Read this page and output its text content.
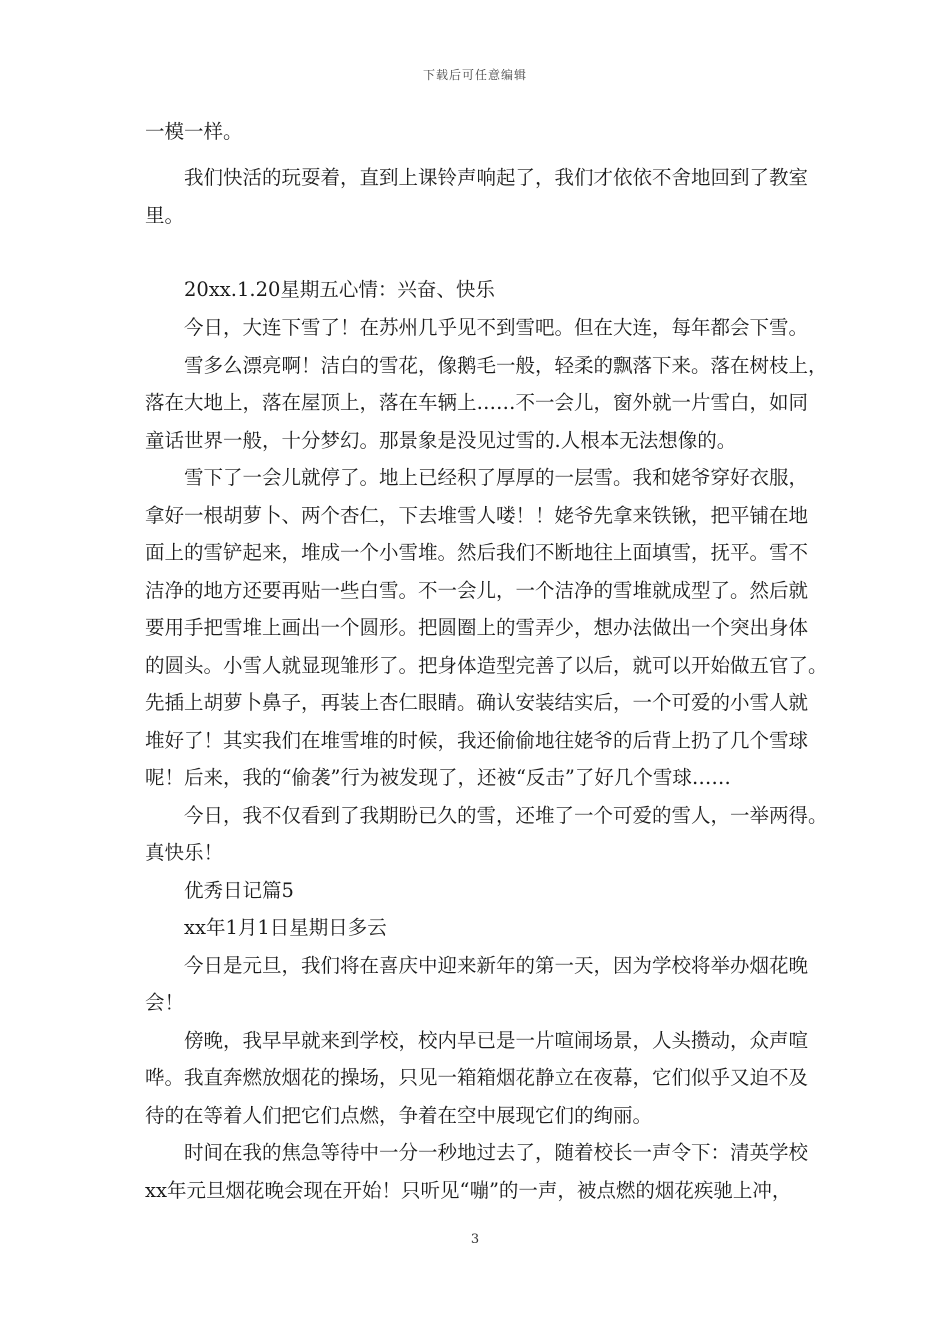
下载后可任意编辑
一模一样。
我们快活的玩耍着，直到上课铃声响起了，我们才依依不舍地回到了教室
里。
20xx.1.20星期五心情：兴奋、快乐
今日，大连下雪了！在苏州几乎见不到雪吧。但在大连，每年都会下雪。
雪多么漂亮啊！洁白的雪花，像鹅毛一般，轻柔的飘落下来。落在树枝上，
落在大地上，落在屋顶上，落在车辆上……不一会儿，窗外就一片雪白，如同
童话世界一般，十分梦幻。那景象是没见过雪的.人根本无法想像的。
雪下了一会儿就停了。地上已经积了厚厚的一层雪。我和姥爷穿好衣服，
拿好一根胡萝卜、两个杏仁，下去堆雪人喽！！姥爷先拿来铁锹，把平铺在地
面上的雪铲起来，堆成一个小雪堆。然后我们不断地往上面填雪，抚平。雪不
洁净的地方还要再贴一些白雪。不一会儿，一个洁净的雪堆就成型了。然后就
要用手把雪堆上画出一个圆形。把圆圈上的雪弄少，想办法做出一个突出身体
的圆头。小雪人就显现雏形了。把身体造型完善了以后，就可以开始做五官了。
先插上胡萝卜鼻子，再装上杏仁眼睛。确认安装结实后，一个可爱的小雪人就
堆好了！其实我们在堆雪堆的时候，我还偷偷地往姥爷的后背上扔了几个雪球
呢！后来，我的“偷袭”行为被发现了，还被“反击”了好几个雪球……
今日，我不仅看到了我期盼已久的雪，还堆了一个可爱的雪人，一举两得。
真快乐！
优秀日记篇5
xx年1月1日星期日多云
今日是元旦，我们将在喜庆中迎来新年的第一天，因为学校将举办烟花晚
会！
傍晚，我早早就来到学校，校内早已是一片喧闹场景，人头攒动，众声喧
哗。我直奔燃放烟花的操场，只见一箱箱烟花静立在夜幕，它们似乎又迫不及
待的在等着人们把它们点燃，争着在空中展现它们的绚丽。
时间在我的焦急等待中一分一秒地过去了，随着校长一声令下：清英学校
xx年元旦烟花晚会现在开始！只听见“嘣”的一声，被点燃的烟花疾驰上冲，
3
